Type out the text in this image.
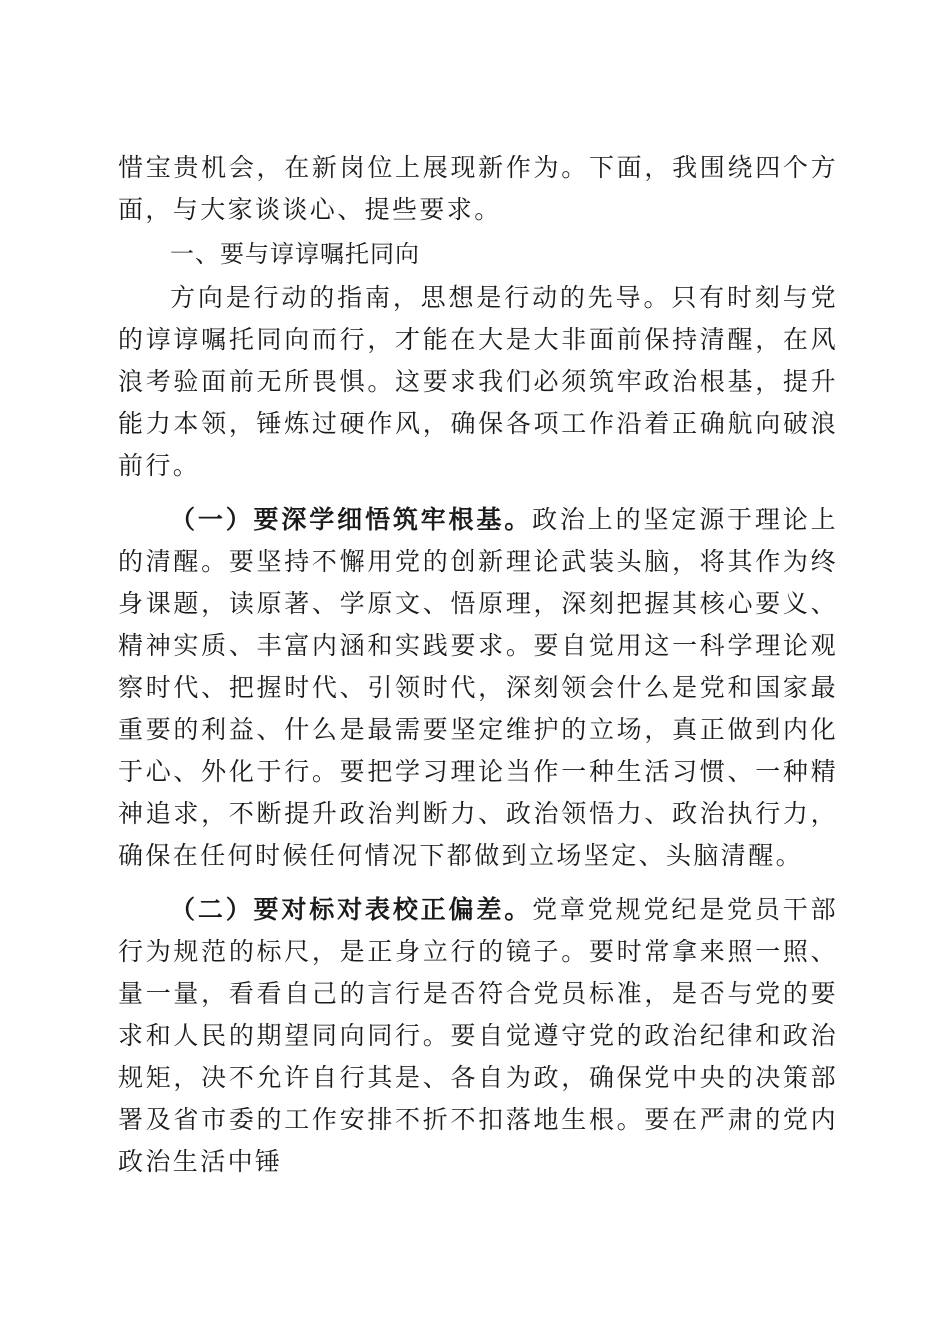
惜宝贵机会，在新岗位上展现新作为。下面，我围绕四个方面，与大家谈谈心、提些要求。

一、要与谆谆嘱托同向

方向是行动的指南，思想是行动的先导。只有时刻与党的谆谆嘱托同向而行，才能在大是大非面前保持清醒，在风浪考验面前无所畏惧。这要求我们必须筑牢政治根基，提升能力本领，锤炼过硬作风，确保各项工作沿着正确航向破浪前行。

（一）要深学细悟筑牢根基。政治上的坚定源于理论上的清醒。要坚持不懈用党的创新理论武装头脑，将其作为终身课题，读原著、学原文、悟原理，深刻把握其核心要义、精神实质、丰富内涵和实践要求。要自觉用这一科学理论观察时代、把握时代、引领时代，深刻领会什么是党和国家最重要的利益、什么是最需要坚定维护的立场，真正做到内化于心、外化于行。要把学习理论当作一种生活习惯、一种精神追求，不断提升政治判断力、政治领悟力、政治执行力，确保在任何时候任何情况下都做到立场坚定、头脑清醒。

（二）要对标对表校正偏差。党章党规党纪是党员干部行为规范的标尺，是正身立行的镜子。要时常拿来照一照、量一量，看看自己的言行是否符合党员标准，是否与党的要求和人民的期望同向同行。要自觉遵守党的政治纪律和政治规矩，决不允许自行其是、各自为政，确保党中央的决策部署及省市委的工作安排不折不扣落地生根。要在严肃的党内政治生活中锤
